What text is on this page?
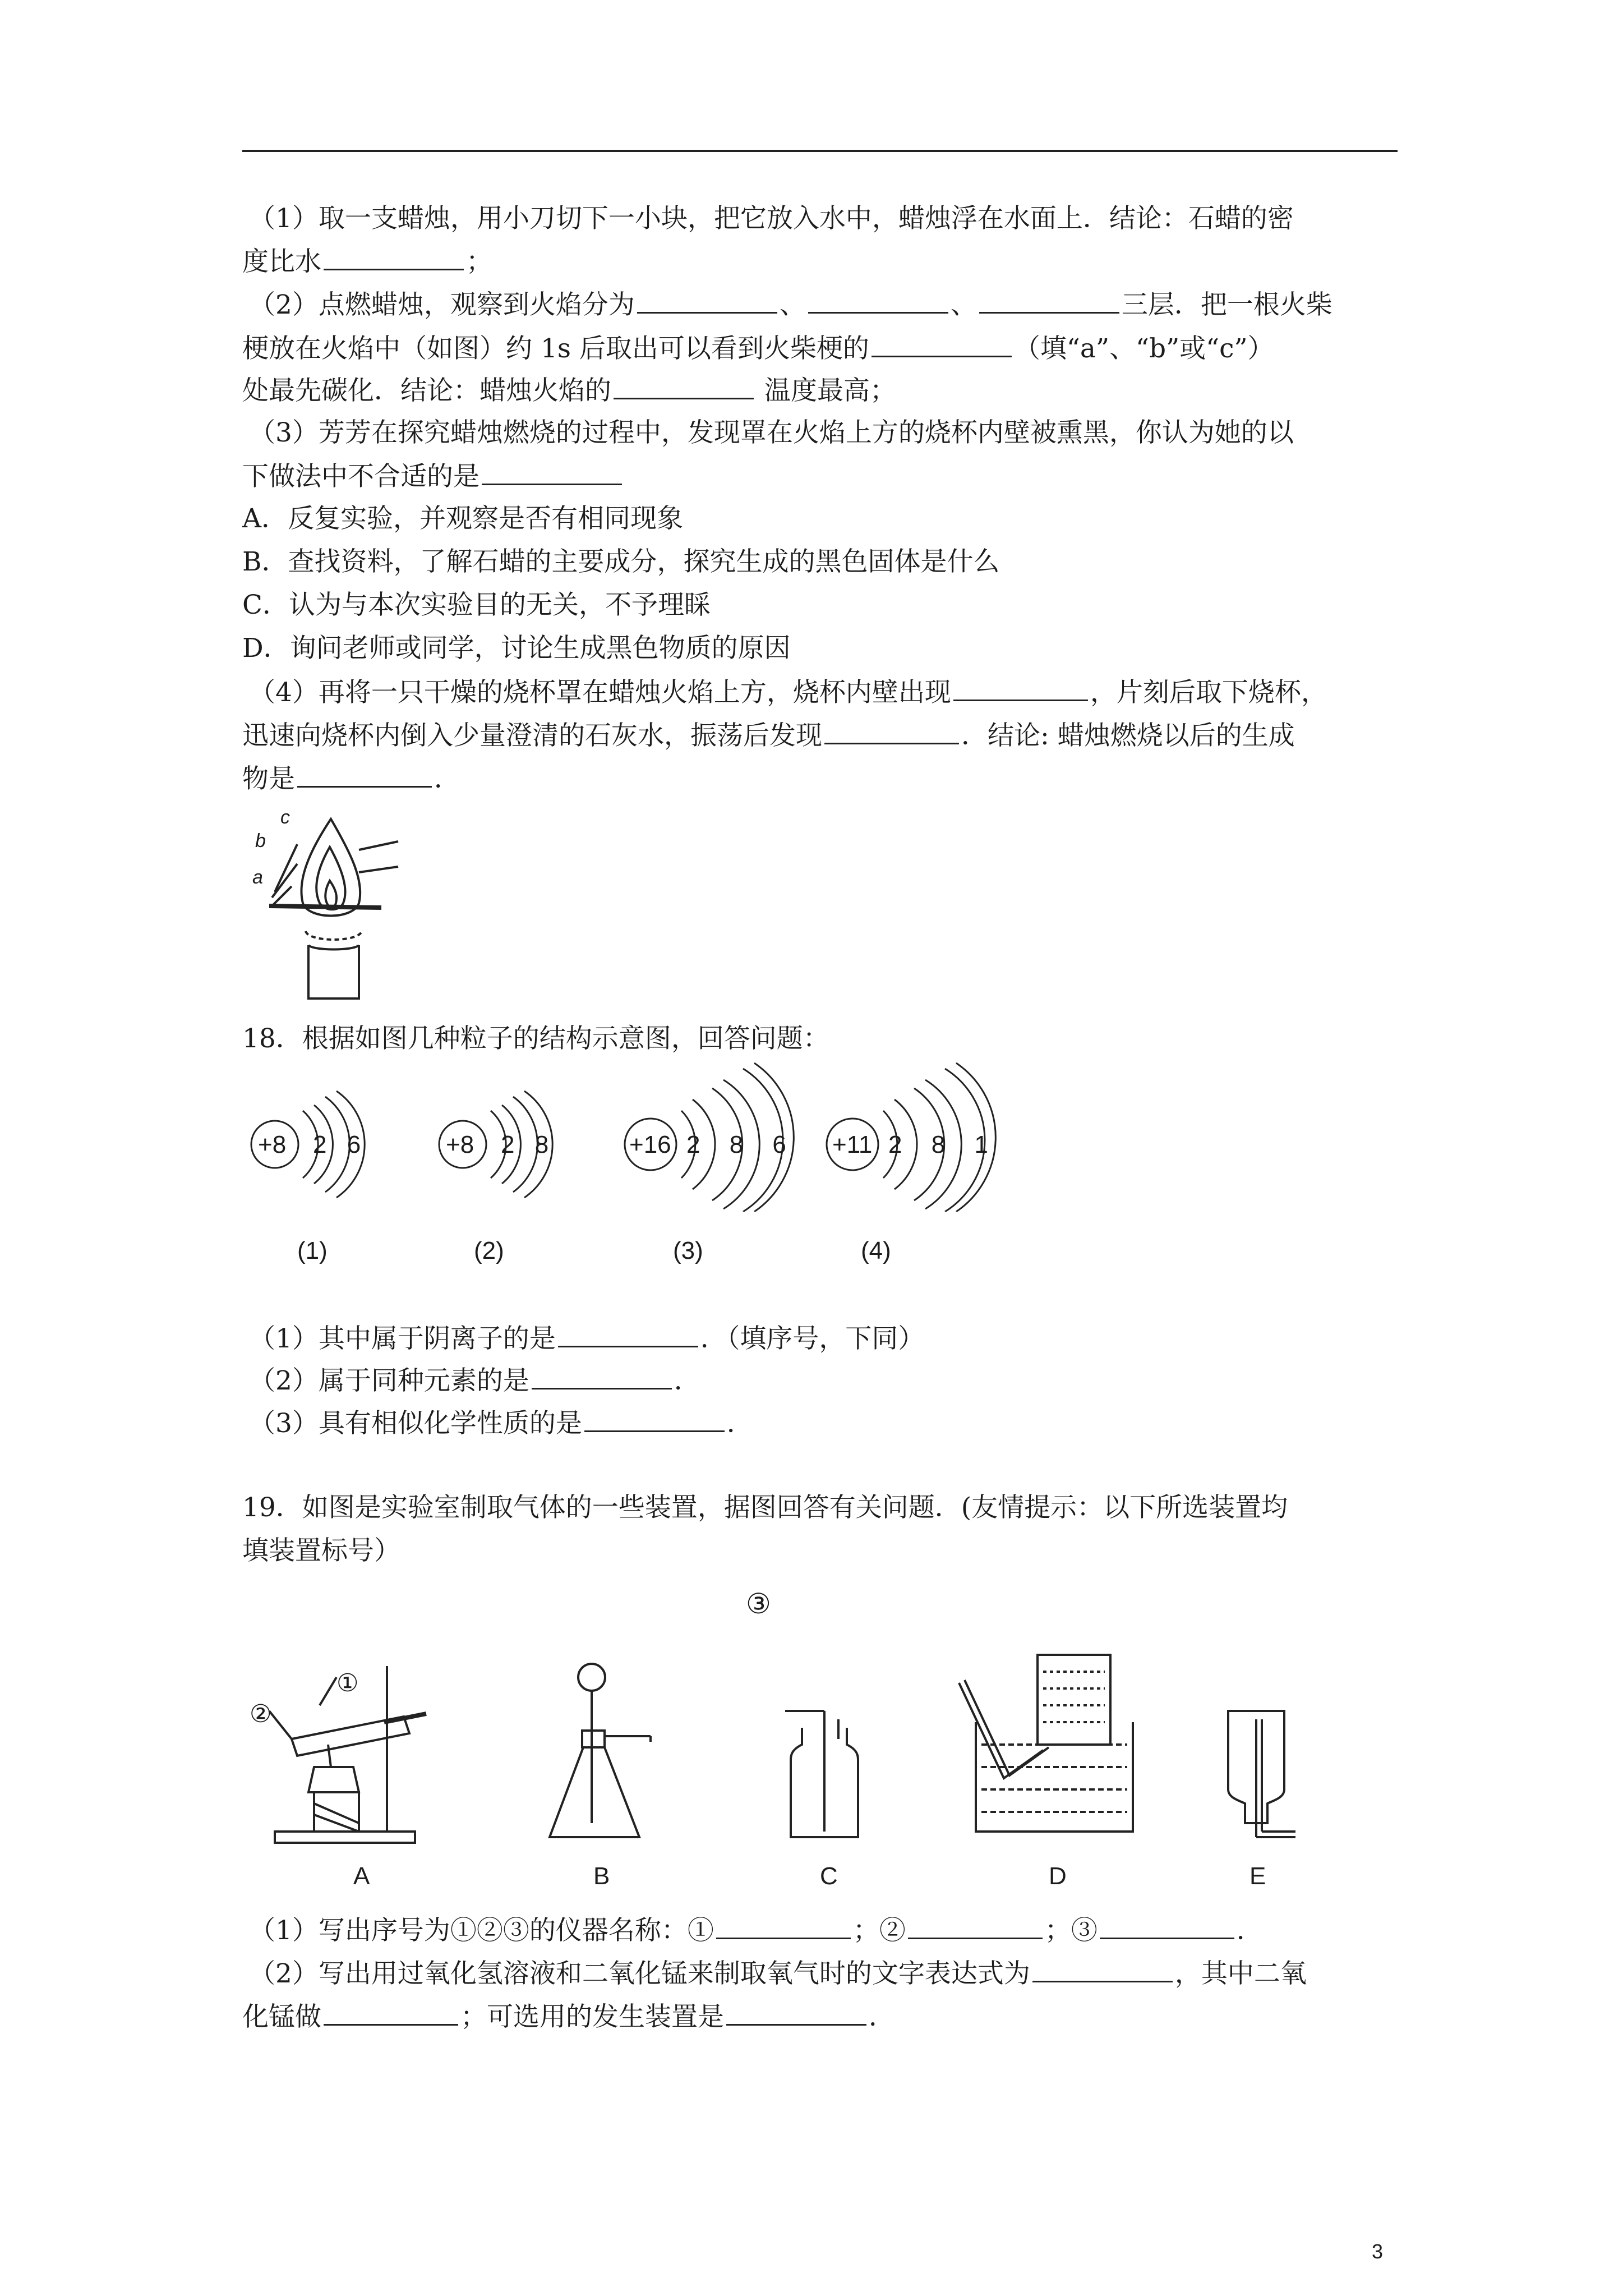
（1）取一支蜡烛，用小刀切下一小块，把它放入水中，蜡烛浮在水面上．结论：石蜡的密
度比水	；
（2）点燃蜡烛，观察到火焰分为	、	、	三层．把一根火柴
梗放在火焰中（如图）约 1s 后取出可以看到火柴梗的	（填“a”、“b”或“c”）
处最先碳化．结论：蜡烛火焰的	温度最高；
（3）芳芳在探究蜡烛燃烧的过程中，发现罩在火焰上方的烧杯内壁被熏黑，你认为她的以
下做法中不合适的是
A．反复实验，并观察是否有相同现象
B．查找资料，了解石蜡的主要成分，探究生成的黑色固体是什么
C．认为与本次实验目的无关，不予理睬
D．询问老师或同学，讨论生成黑色物质的原因
（4）再将一只干燥的烧杯罩在蜡烛火焰上方，烧杯内壁出现	，片刻后取下烧杯，
迅速向烧杯内倒入少量澄清的石灰水，振荡后发现	．结论: 蜡烛燃烧以后的生成
物是	．
c
b
a
18．根据如图几种粒子的结构示意图，回答问题：
+8 2 6
(1)
+8 2 8
(2)
+16 2 8 6
(3)
+11 2 8 1
(4)
（1）其中属于阴离子的是	．（填序号，下同）
（2）属于同种元素的是	．
（3）具有相似化学性质的是	．
19．如图是实验室制取气体的一些装置，据图回答有关问题．(友情提示：以下所选装置均
填装置标号）
③
①
②
A	B	C	D	E
（1）写出序号为①②③的仪器名称：①	；②	；③	．
（2）写出用过氧化氢溶液和二氧化锰来制取氧气时的文字表达式为	，其中二氧
化锰做	；可选用的发生装置是	．
3
